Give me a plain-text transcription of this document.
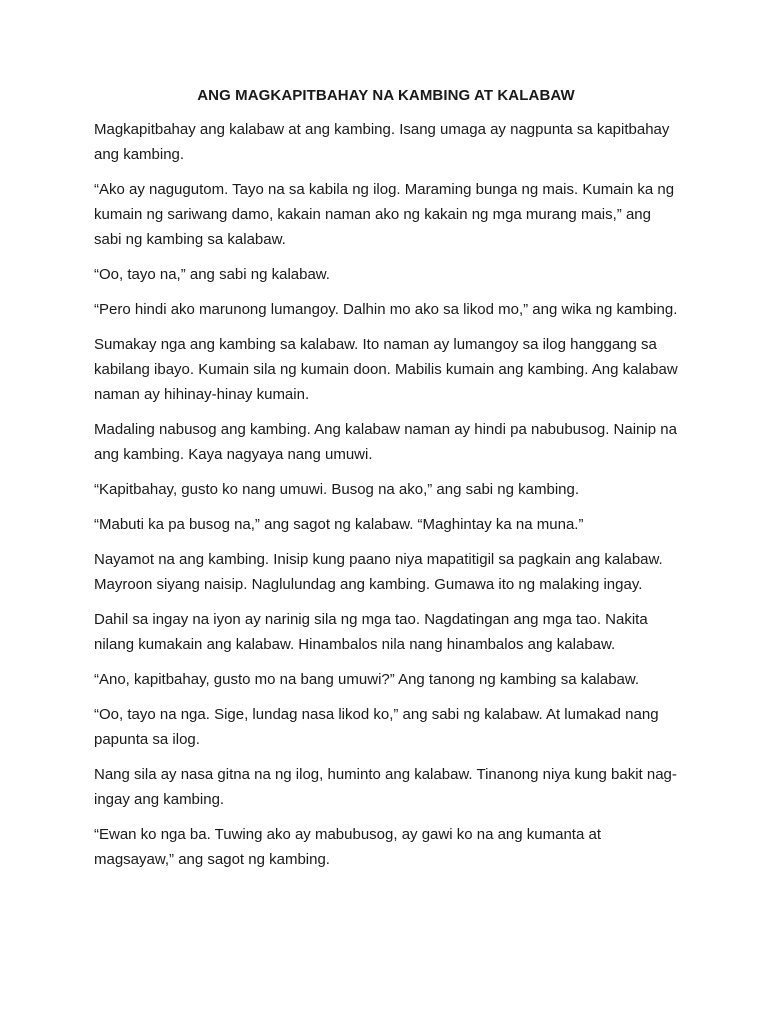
ANG MAGKAPITBAHAY NA KAMBING AT KALABAW

Magkapitbahay ang kalabaw at ang kambing. Isang umaga ay nagpunta sa kapitbahay ang kambing.

“Ako ay nagugutom. Tayo na sa kabila ng ilog. Maraming bunga ng mais. Kumain ka ng kumain ng sariwang damo, kakain naman ako ng kakain ng mga murang mais,” ang sabi ng kambing sa kalabaw.

“Oo, tayo na,” ang sabi ng kalabaw.

“Pero hindi ako marunong lumangoy. Dalhin mo ako sa likod mo,” ang wika ng kambing.

Sumakay nga ang kambing sa kalabaw. Ito naman ay lumangoy sa ilog hanggang sa kabilang ibayo. Kumain sila ng kumain doon. Mabilis kumain ang kambing. Ang kalabaw naman ay hihinay-hinay kumain.

Madaling nabusog ang kambing. Ang kalabaw naman ay hindi pa nabubusog. Nainip na ang kambing. Kaya nagyaya nang umuwi.

“Kapitbahay, gusto ko nang umuwi. Busog na ako,” ang sabi ng kambing.

“Mabuti ka pa busog na,” ang sagot ng kalabaw. “Maghintay ka na muna.”

Nayamot na ang kambing. Inisip kung paano niya mapatitigil sa pagkain ang kalabaw. Mayroon siyang naisip. Naglulundag ang kambing. Gumawa ito ng malaking ingay.

Dahil sa ingay na iyon ay narinig sila ng mga tao. Nagdatingan ang mga tao. Nakita nilang kumakain ang kalabaw. Hinambalos nila nang hinambalos ang kalabaw.

“Ano, kapitbahay, gusto mo na bang umuwi?” Ang tanong ng kambing sa kalabaw.

“Oo, tayo na nga. Sige, lundag nasa likod ko,” ang sabi ng kalabaw. At lumakad nang papunta sa ilog.

Nang sila ay nasa gitna na ng ilog, huminto ang kalabaw. Tinanong niya kung bakit nag-ingay ang kambing.

“Ewan ko nga ba. Tuwing ako ay mabubusog, ay gawi ko na ang kumanta at magsayaw,” ang sagot ng kambing.
